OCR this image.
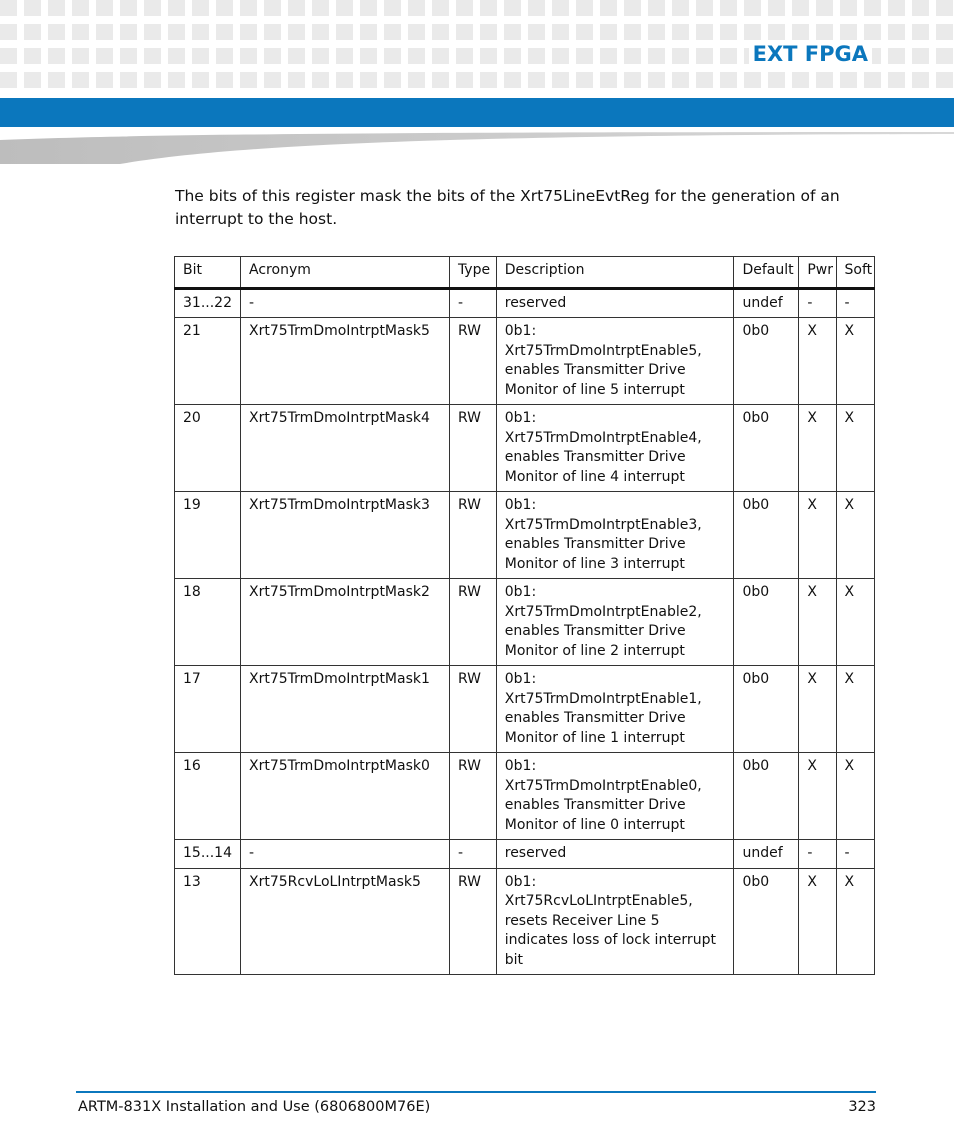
EXT FPGA
The bits of this register mask the bits of the Xrt75LineEvtReg for the generation of an interrupt to the host.
Bit	Acronym	Type	Description	Default	Pwr	Soft
31...22	-	-	reserved	undef	-	-
21	Xrt75TrmDmoIntrptMask5	RW	0b1: Xrt75TrmDmoIntrptEnable5, enables Transmitter Drive Monitor of line 5 interrupt	0b0	X	X
20	Xrt75TrmDmoIntrptMask4	RW	0b1: Xrt75TrmDmoIntrptEnable4, enables Transmitter Drive Monitor of line 4 interrupt	0b0	X	X
19	Xrt75TrmDmoIntrptMask3	RW	0b1: Xrt75TrmDmoIntrptEnable3, enables Transmitter Drive Monitor of line 3 interrupt	0b0	X	X
18	Xrt75TrmDmoIntrptMask2	RW	0b1: Xrt75TrmDmoIntrptEnable2, enables Transmitter Drive Monitor of line 2 interrupt	0b0	X	X
17	Xrt75TrmDmoIntrptMask1	RW	0b1: Xrt75TrmDmoIntrptEnable1, enables Transmitter Drive Monitor of line 1 interrupt	0b0	X	X
16	Xrt75TrmDmoIntrptMask0	RW	0b1: Xrt75TrmDmoIntrptEnable0, enables Transmitter Drive Monitor of line 0 interrupt	0b0	X	X
15...14	-	-	reserved	undef	-	-
13	Xrt75RcvLoLIntrptMask5	RW	0b1: Xrt75RcvLoLIntrptEnable5, resets Receiver Line 5 indicates loss of lock interrupt bit	0b0	X	X
ARTM-831X Installation and Use (6806800M76E)	323
